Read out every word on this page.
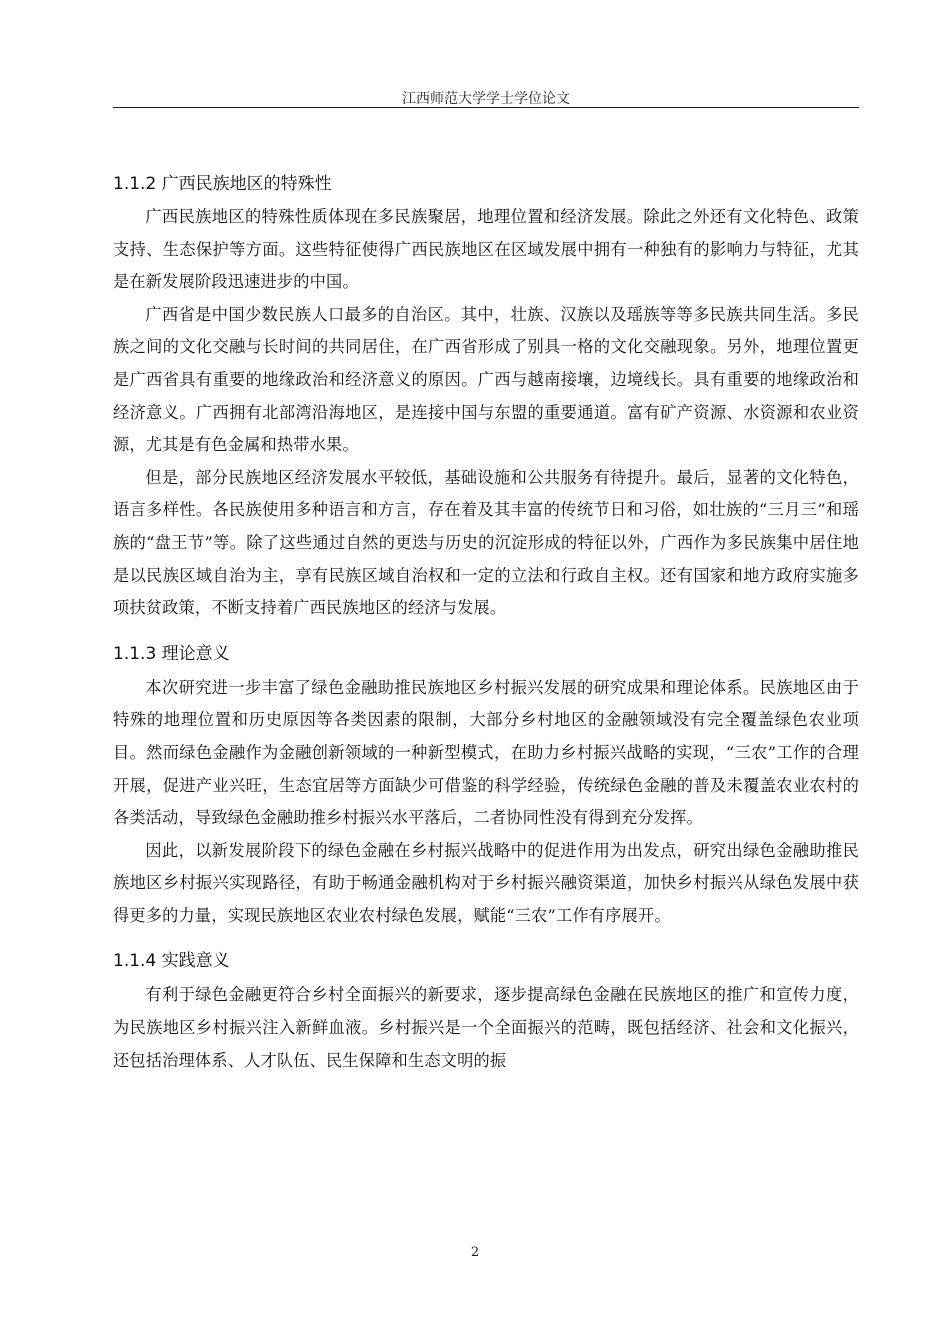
江西师范大学学士学位论文
1.1.2 广西民族地区的特殊性

广西民族地区的特殊性质体现在多民族聚居，地理位置和经济发展。除此之外还有文化特色、政策支持、生态保护等方面。这些特征使得广西民族地区在区域发展中拥有一种独有的影响力与特征，尤其是在新发展阶段迅速进步的中国。

广西省是中国少数民族人口最多的自治区。其中，壮族、汉族以及瑶族等等多民族共同生活。多民族之间的文化交融与长时间的共同居住，在广西省形成了别具一格的文化交融现象。另外，地理位置更是广西省具有重要的地缘政治和经济意义的原因。广西与越南接壤，边境线长。具有重要的地缘政治和经济意义。广西拥有北部湾沿海地区，是连接中国与东盟的重要通道。富有矿产资源、水资源和农业资源，尤其是有色金属和热带水果。

但是，部分民族地区经济发展水平较低，基础设施和公共服务有待提升。最后，显著的文化特色，语言多样性。各民族使用多种语言和方言，存在着及其丰富的传统节日和习俗，如壮族的“三月三”和瑶族的“盘王节”等。除了这些通过自然的更迭与历史的沉淀形成的特征以外，广西作为多民族集中居住地是以民族区域自治为主，享有民族区域自治权和一定的立法和行政自主权。还有国家和地方政府实施多项扶贫政策，不断支持着广西民族地区的经济与发展。

1.1.3 理论意义

本次研究进一步丰富了绿色金融助推民族地区乡村振兴发展的研究成果和理论体系。民族地区由于特殊的地理位置和历史原因等各类因素的限制，大部分乡村地区的金融领域没有完全覆盖绿色农业项目。然而绿色金融作为金融创新领域的一种新型模式，在助力乡村振兴战略的实现，“三农”工作的合理开展，促进产业兴旺，生态宜居等方面缺少可借鉴的科学经验，传统绿色金融的普及未覆盖农业农村的各类活动，导致绿色金融助推乡村振兴水平落后，二者协同性没有得到充分发挥。

因此，以新发展阶段下的绿色金融在乡村振兴战略中的促进作用为出发点，研究出绿色金融助推民族地区乡村振兴实现路径，有助于畅通金融机构对于乡村振兴融资渠道，加快乡村振兴从绿色发展中获得更多的力量，实现民族地区农业农村绿色发展，赋能“三农”工作有序展开。

1.1.4 实践意义

有利于绿色金融更符合乡村全面振兴的新要求，逐步提高绿色金融在民族地区的推广和宣传力度，为民族地区乡村振兴注入新鲜血液。乡村振兴是一个全面振兴的范畴，既包括经济、社会和文化振兴，还包括治理体系、人才队伍、民生保障和生态文明的振

2
